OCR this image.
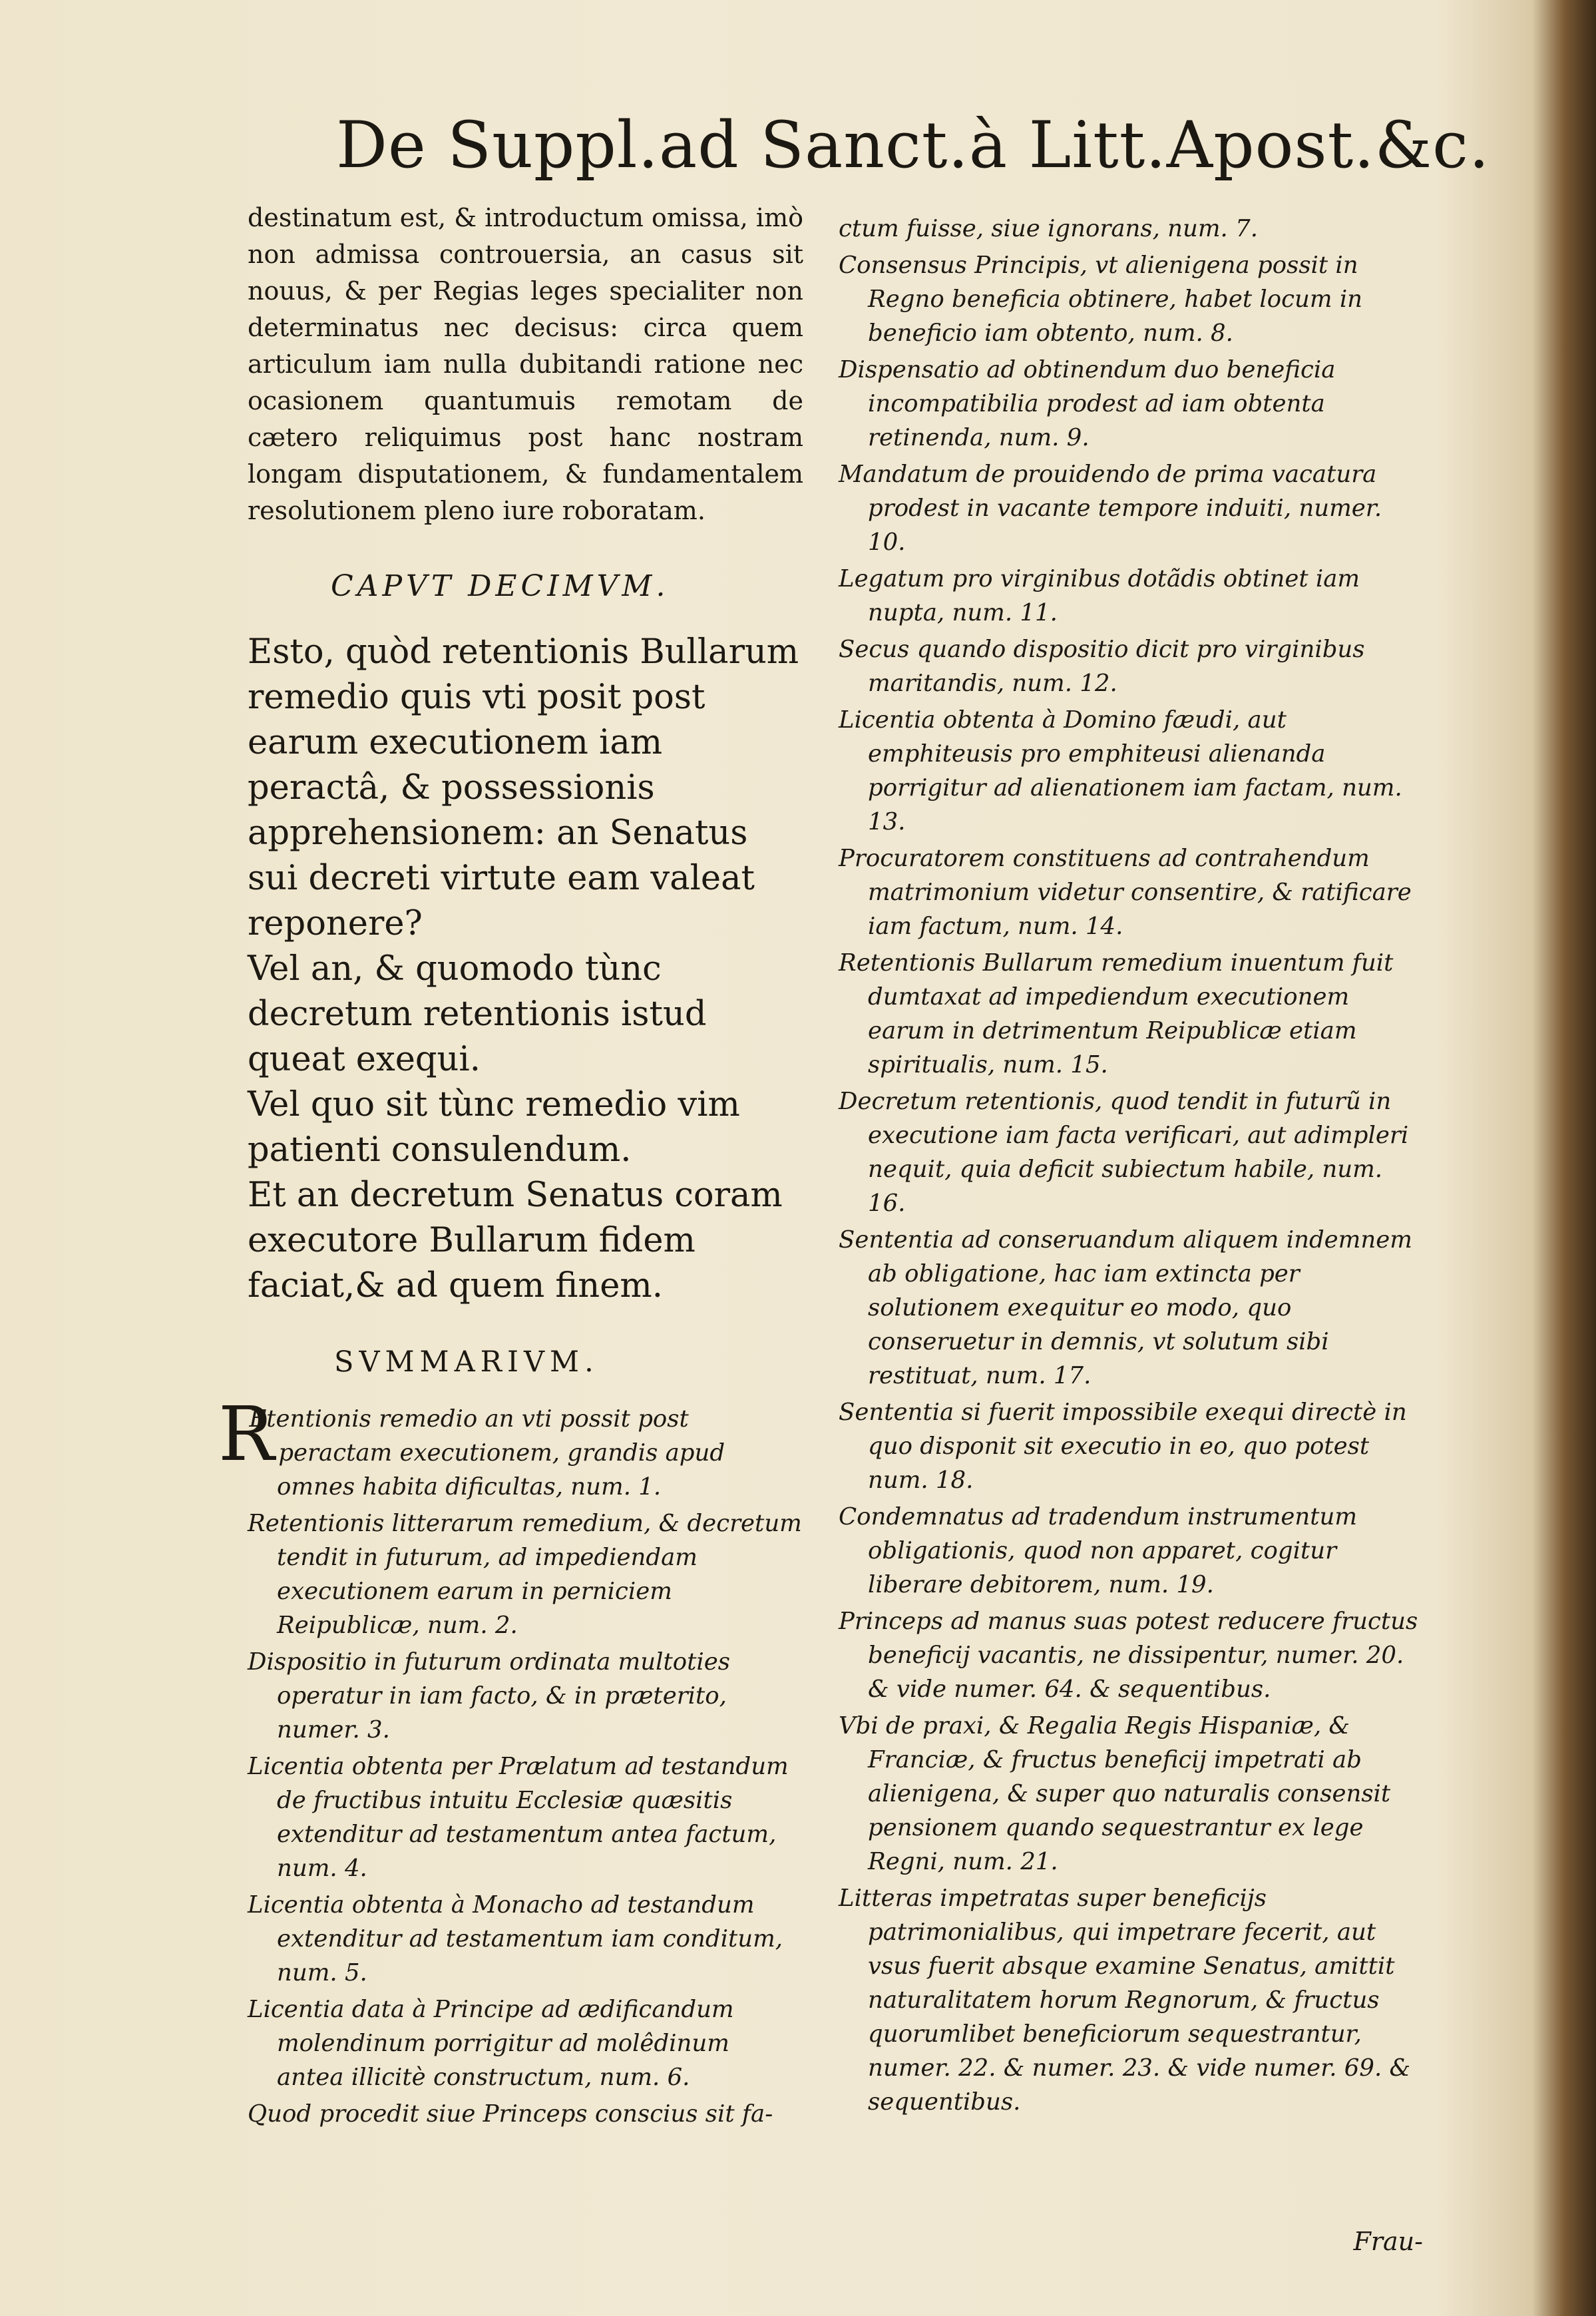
De Suppl.ad Sanct.à Litt.Apost.&c.

destinatum est, & introductum omissa, imò non admissa controuersia, an casus sit nouus, & per Regias leges specialiter non determinatus nec decisus: circa quem articulum iam nulla dubitandi ratione nec ocasionem quantumuis remotam de cætero reliquimus post hanc nostram longam disputationem, & fundamentalem resolutionem pleno iure roboratam.

CAPVT DECIMVM.

Esto, quòd retentionis Bullarum remedio quis vti posit post earum executionem iam peractâ, & possessionis apprehensionem: an Senatus sui decreti virtute eam valeat reponere?

Vel an, & quomodo tùnc decretum retentionis istud queat exequi.

Vel quo sit tùnc remedio vim patienti consulendum.

Et an decretum Senatus coram executore Bullarum fidem faciat,& ad quem finem.

SVMMARIVM.

R
Etentionis remedio an vti possit post peractam executionem, grandis apud omnes habita dificultas, num. 1.

Retentionis litterarum remedium, & decretum tendit in futurum, ad impediendam executionem earum in perniciem Reipublicæ, num. 2.

Dispositio in futurum ordinata multoties operatur in iam facto, & in præterito, numer. 3.

Licentia obtenta per Prælatum ad testandum de fructibus intuitu Ecclesiæ quæsitis extenditur ad testamentum antea factum, num. 4.

Licentia obtenta à Monacho ad testandum extenditur ad testamentum iam conditum, num. 5.

Licentia data à Principe ad ædificandum molendinum porrigitur ad molêdinum antea illicitè constructum, num. 6.

Quod procedit siue Princeps conscius sit fa-

ctum fuisse, siue ignorans, num. 7.

Consensus Principis, vt alienigena possit in Regno beneficia obtinere, habet locum in beneficio iam obtento, num. 8.

Dispensatio ad obtinendum duo beneficia incompatibilia prodest ad iam obtenta retinenda, num. 9.

Mandatum de prouidendo de prima vacatura prodest in vacante tempore induiti, numer. 10.

Legatum pro virginibus dotãdis obtinet iam nupta, num. 11.

Secus quando dispositio dicit pro virginibus maritandis, num. 12.

Licentia obtenta à Domino fæudi, aut emphiteusis pro emphiteusi alienanda porrigitur ad alienationem iam factam, num. 13.

Procuratorem constituens ad contrahendum matrimonium videtur consentire, & ratificare iam factum, num. 14.

Retentionis Bullarum remedium inuentum fuit dumtaxat ad impediendum executionem earum in detrimentum Reipublicæ etiam spiritualis, num. 15.

Decretum retentionis, quod tendit in futurũ in executione iam facta verificari, aut adimpleri nequit, quia deficit subiectum habile, num. 16.

Sententia ad conseruandum aliquem indemnem ab obligatione, hac iam extincta per solutionem exequitur eo modo, quo conseruetur in demnis, vt solutum sibi restituat, num. 17.

Sententia si fuerit impossibile exequi directè in quo disponit sit executio in eo, quo potest num. 18.

Condemnatus ad tradendum instrumentum obligationis, quod non apparet, cogitur liberare debitorem, num. 19.

Princeps ad manus suas potest reducere fructus beneficij vacantis, ne dissipentur, numer. 20. & vide numer. 64. & sequentibus.

Vbi de praxi, & Regalia Regis Hispaniæ, & Franciæ, & fructus beneficij impetrati ab alienigena, & super quo naturalis consensit pensionem quando sequestrantur ex lege Regni, num. 21.

Litteras impetratas super beneficijs patrimonialibus, qui impetrare fecerit, aut vsus fuerit absque examine Senatus, amittit naturalitatem horum Regnorum, & fructus quorumlibet beneficiorum sequestrantur, numer. 22. & numer. 23. & vide numer. 69. & sequentibus.

Frau-
